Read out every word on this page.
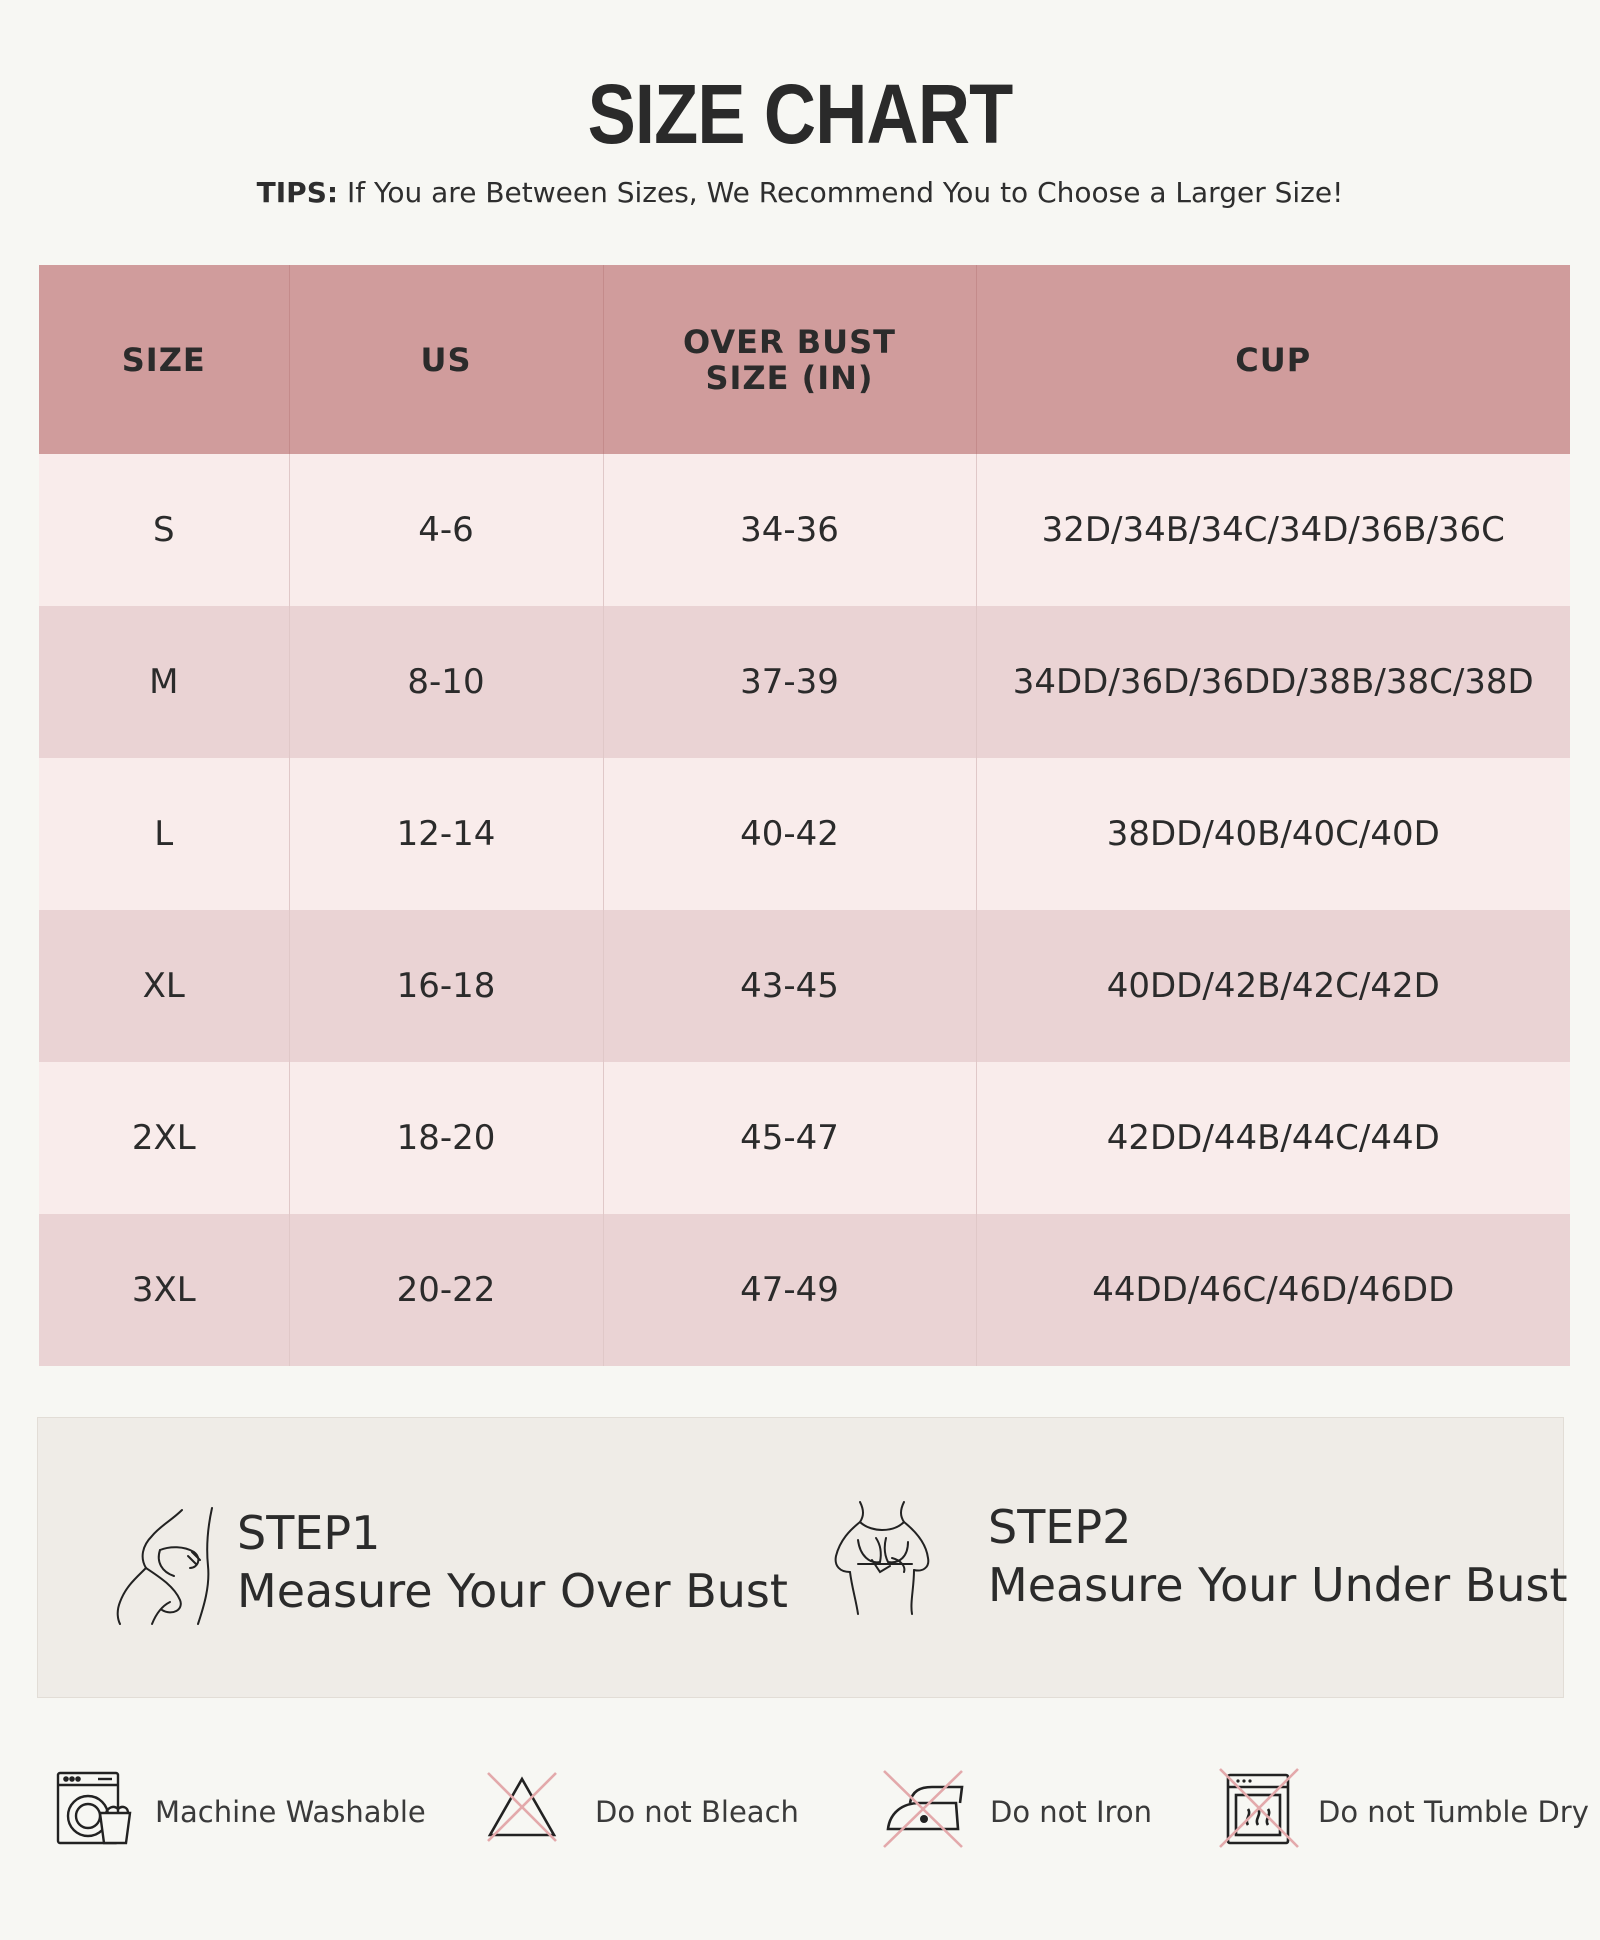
SIZE CHART
TIPS: If You are Between Sizes, We Recommend You to Choose a Larger Size!
SIZE	US	OVER BUST SIZE (IN)	CUP
S	4-6	34-36	32D/34B/34C/34D/36B/36C
M	8-10	37-39	34DD/36D/36DD/38B/38C/38D
L	12-14	40-42	38DD/40B/40C/40D
XL	16-18	43-45	40DD/42B/42C/42D
2XL	18-20	45-47	42DD/44B/44C/44D
3XL	20-22	47-49	44DD/46C/46D/46DD
STEP1
Measure Your Over Bust
STEP2
Measure Your Under Bust
Machine Washable	Do not Bleach	Do not Iron	Do not Tumble Dry
